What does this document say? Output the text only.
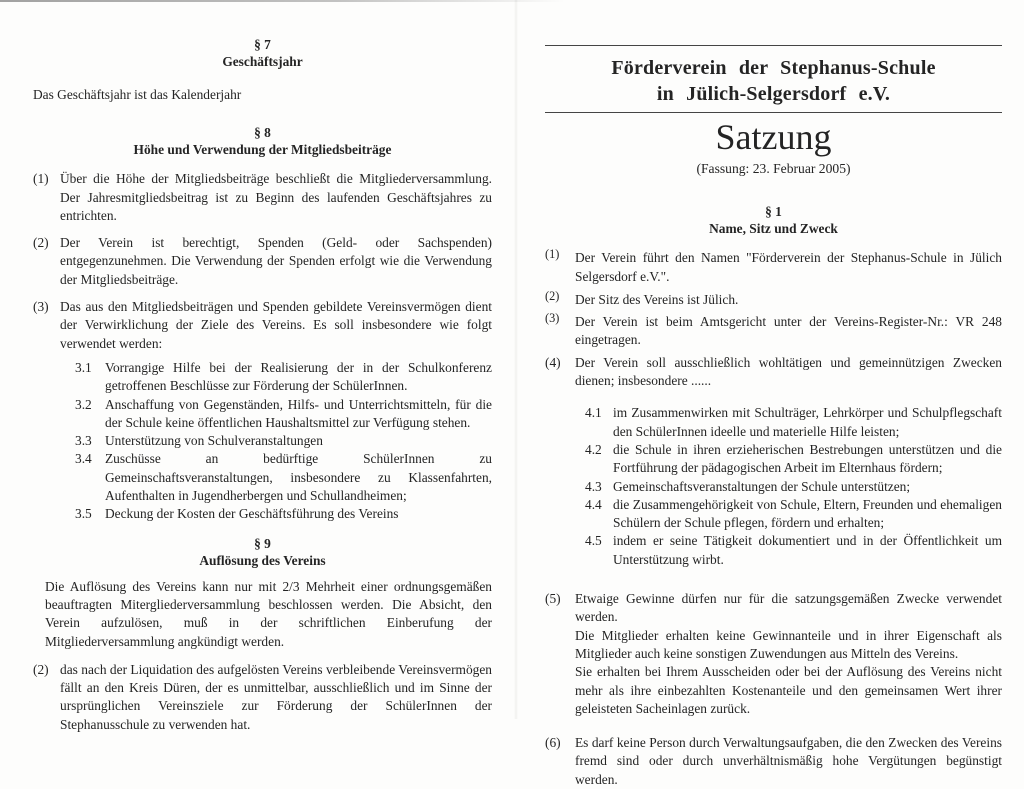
§ 7
Geschäftsjahr

Das Geschäftsjahr ist das Kalenderjahr

§ 8
Höhe und Verwendung der Mitgliedsbeiträge
(1) Über die Höhe der Mitgliedsbeiträge beschließt die Mitgliederversammlung. Der Jahresmitgliedsbeitrag ist zu Beginn des laufenden Geschäftsjahres zu entrichten.
(2) Der Verein ist berechtigt, Spenden (Geld- oder Sachspenden) entgegenzunehmen. Die Verwendung der Spenden erfolgt wie die Verwendung der Mitgliedsbeiträge.
(3) Das aus den Mitgliedsbeiträgen und Spenden gebildete Vereinsvermögen dient der Verwirklichung der Ziele des Vereins. Es soll insbesondere wie folgt verwendet werden:
3.1 Vorrangige Hilfe bei der Realisierung der in der Schulkonferenz getroffenen Beschlüsse zur Förderung der SchülerInnen.
3.2 Anschaffung von Gegenständen, Hilfs- und Unterrichtsmitteln, für die der Schule keine öffentlichen Haushaltsmittel zur Verfügung stehen.
3.3 Unterstützung von Schulveranstaltungen
3.4 Zuschüsse an bedürftige SchülerInnen zu Gemeinschaftsveranstaltungen, insbesondere zu Klassenfahrten, Aufenthalten in Jugendherbergen und Schullandheimen;
3.5 Deckung der Kosten der Geschäftsführung des Vereins
§ 9
Auflösung des Vereins

Die Auflösung des Vereins kann nur mit 2/3 Mehrheit einer ordnungsgemäßen beauftragten Mitergliederversammlung beschlossen werden. Die Absicht, den Verein aufzulösen, muß in der schriftlichen Einberufung der Mitgliederversammlung angkündigt werden.

(2) das nach der Liquidation des aufgelösten Vereins verbleibende Vereinsvermögen fällt an den Kreis Düren, der es unmittelbar, ausschließlich und im Sinne der ursprünglichen Vereinsziele zur Förderung der SchülerInnen der Stephanusschule zu verwenden hat.
Förderverein der Stephanus-Schule
in Jülich-Selgersdorf e.V.
Satzung
(Fassung: 23. Februar 2005)
§ 1
Name, Sitz und Zweck
(1)	Der Verein führt den Namen "Förderverein der Stephanus-Schule in Jülich Selgersdorf e.V.".
(2)	Der Sitz des Vereins ist Jülich.
(3)	Der Verein ist beim Amtsgericht unter der Vereins-Register-Nr.: VR 248 eingetragen.
(4)	Der Verein soll ausschließlich wohltätigen und gemeinnützigen Zwecken dienen; insbesondere ......
4.1 im Zusammenwirken mit Schulträger, Lehrkörper und Schulpflegschaft den SchülerInnen ideelle und materielle Hilfe leisten;
4.2 die Schule in ihren erzieherischen Bestrebungen unterstützen und die Fortführung der pädagogischen Arbeit im Elternhaus fördern;
4.3 Gemeinschaftsveranstaltungen der Schule unterstützen;
4.4 die Zusammengehörigkeit von Schule, Eltern, Freunden und ehemaligen Schülern der Schule pflegen, fördern und erhalten;
4.5 indem er seine Tätigkeit dokumentiert und in der Öffentlichkeit um Unterstützung wirbt.
(5)	Etwaige Gewinne dürfen nur für die satzungsgemäßen Zwecke verwendet werden.

Die Mitglieder erhalten keine Gewinnanteile und in ihrer Eigenschaft als Mitglieder auch keine sonstigen Zuwendungen aus Mitteln des Vereins.

Sie erhalten bei Ihrem Ausscheiden oder bei der Auflösung des Vereins nicht mehr als ihre einbezahlten Kostenanteile und den gemeinsamen Wert ihrer geleisteten Sacheinlagen zurück.

(6)	Es darf keine Person durch Verwaltungsaufgaben, die den Zwecken des Vereins fremd sind oder durch unverhältnismäßig hohe Vergütungen begünstigt werden.
